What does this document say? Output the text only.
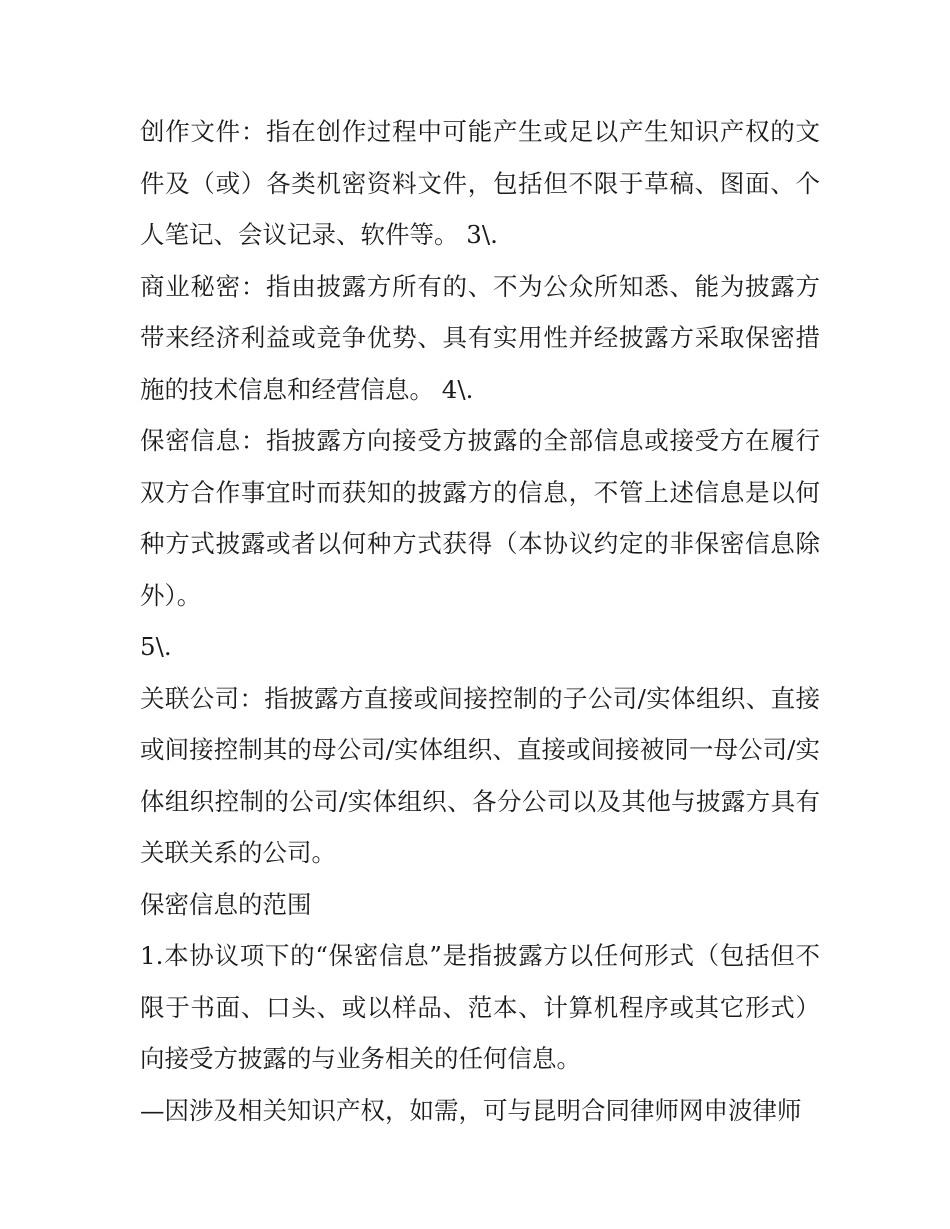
创作文件：指在创作过程中可能产生或足以产生知识产权的文件及（或）各类机密资料文件，包括但不限于草稿、图面、个人笔记、会议记录、软件等。 3\.

商业秘密：指由披露方所有的、不为公众所知悉、能为披露方带来经济利益或竞争优势、具有实用性并经披露方采取保密措施的技术信息和经营信息。 4\.

保密信息：指披露方向接受方披露的全部信息或接受方在履行双方合作事宜时而获知的披露方的信息，不管上述信息是以何种方式披露或者以何种方式获得（本协议约定的非保密信息除外）。

5\.

关联公司：指披露方直接或间接控制的子公司/实体组织、直接或间接控制其的母公司/实体组织、直接或间接被同一母公司/实体组织控制的公司/实体组织、各分公司以及其他与披露方具有关联关系的公司。

保密信息的范围

1.本协议项下的“保密信息”是指披露方以任何形式（包括但不限于书面、口头、或以样品、范本、计算机程序或其它形式）向接受方披露的与业务相关的任何信息。

—因涉及相关知识产权，如需，可与昆明合同律师网申波律师
